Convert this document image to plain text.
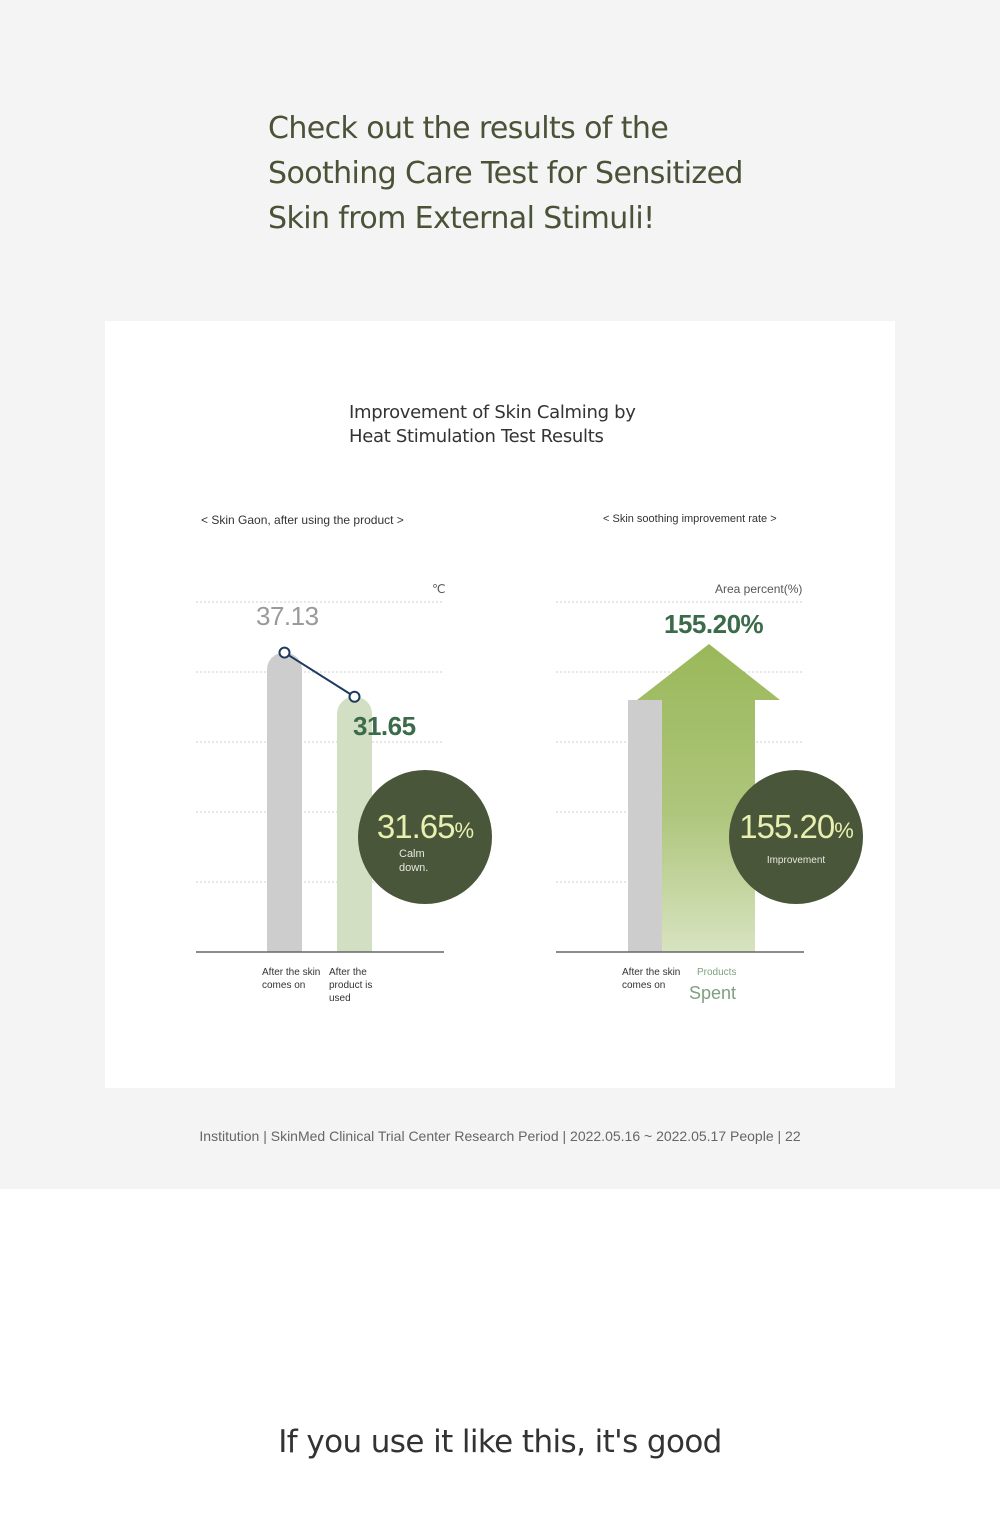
Check out the results of the
Soothing Care Test for Sensitized
Skin from External Stimuli!
Improvement of Skin Calming by
Heat Stimulation Test Results
< Skin Gaon, after using the product >	< Skin soothing improvement rate >
℃	Area percent(%)
37.13
31.65
155.20%
31.65%
Calm down.
155.20%
Improvement
After the skin comes on
After the product is used
After the skin comes on
Products
Spent
Institution | SkinMed Clinical Trial Center Research Period | 2022.05.16 ~ 2022.05.17 People | 22
If you use it like this, it's good
